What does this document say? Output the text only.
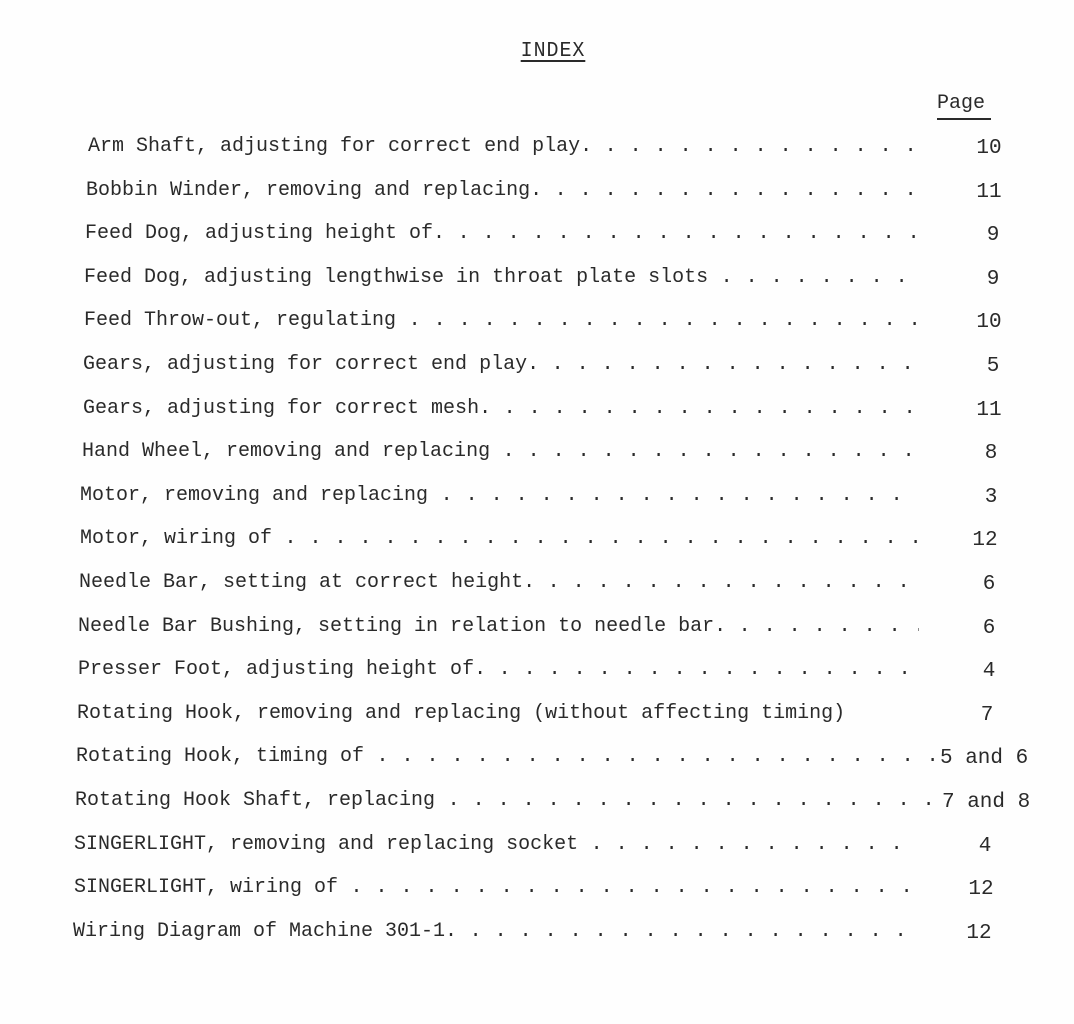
INDEX
Page
Arm Shaft, adjusting for correct end play. . . .	10
Bobbin Winder, removing and replacing. . . .	11
Feed Dog, adjusting height of. . . .	9
Feed Dog, adjusting lengthwise in throat plate slots . . .	9
Feed Throw-out, regulating . . .	10
Gears, adjusting for correct end play. . . .	5
Gears, adjusting for correct mesh. . . .	11
Hand Wheel, removing and replacing . . .	8
Motor, removing and replacing . . .	3
Motor, wiring of . . .	12
Needle Bar, setting at correct height. . . .	6
Needle Bar Bushing, setting in relation to needle bar. . . .	6
Presser Foot, adjusting height of. . . .	4
Rotating Hook, removing and replacing (without affecting timing)	7
Rotating Hook, timing of . . .	5 and 6
Rotating Hook Shaft, replacing . . .	7 and 8
SINGERLIGHT, removing and replacing socket . . .	4
SINGERLIGHT, wiring of . . .	12
Wiring Diagram of Machine 301-1. . . .	12
